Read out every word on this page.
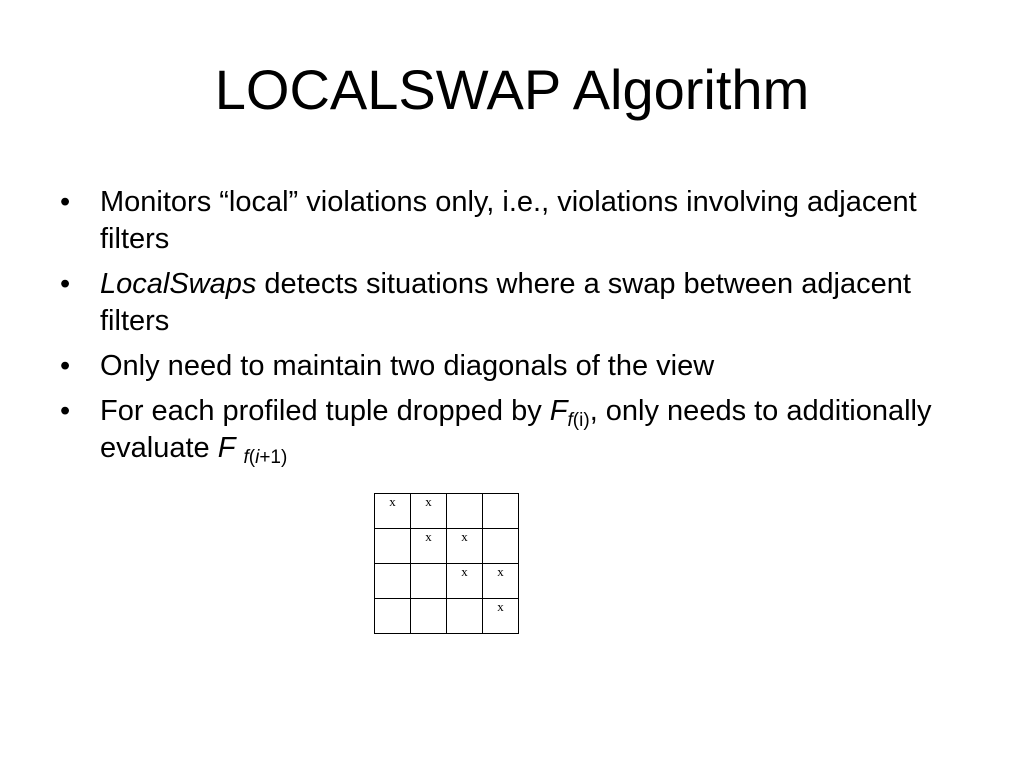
LOCALSWAP Algorithm
• Monitors “local” violations only, i.e., violations involving adjacent filters
• LocalSwaps detects situations where a swap between adjacent filters
• Only need to maintain two diagonals of the view
• For each profiled tuple dropped by $F_{f(i)}$, only needs to additionally evaluate F $_{f(i+1)}$
x	x		
	x	x	
		x	x
			x
